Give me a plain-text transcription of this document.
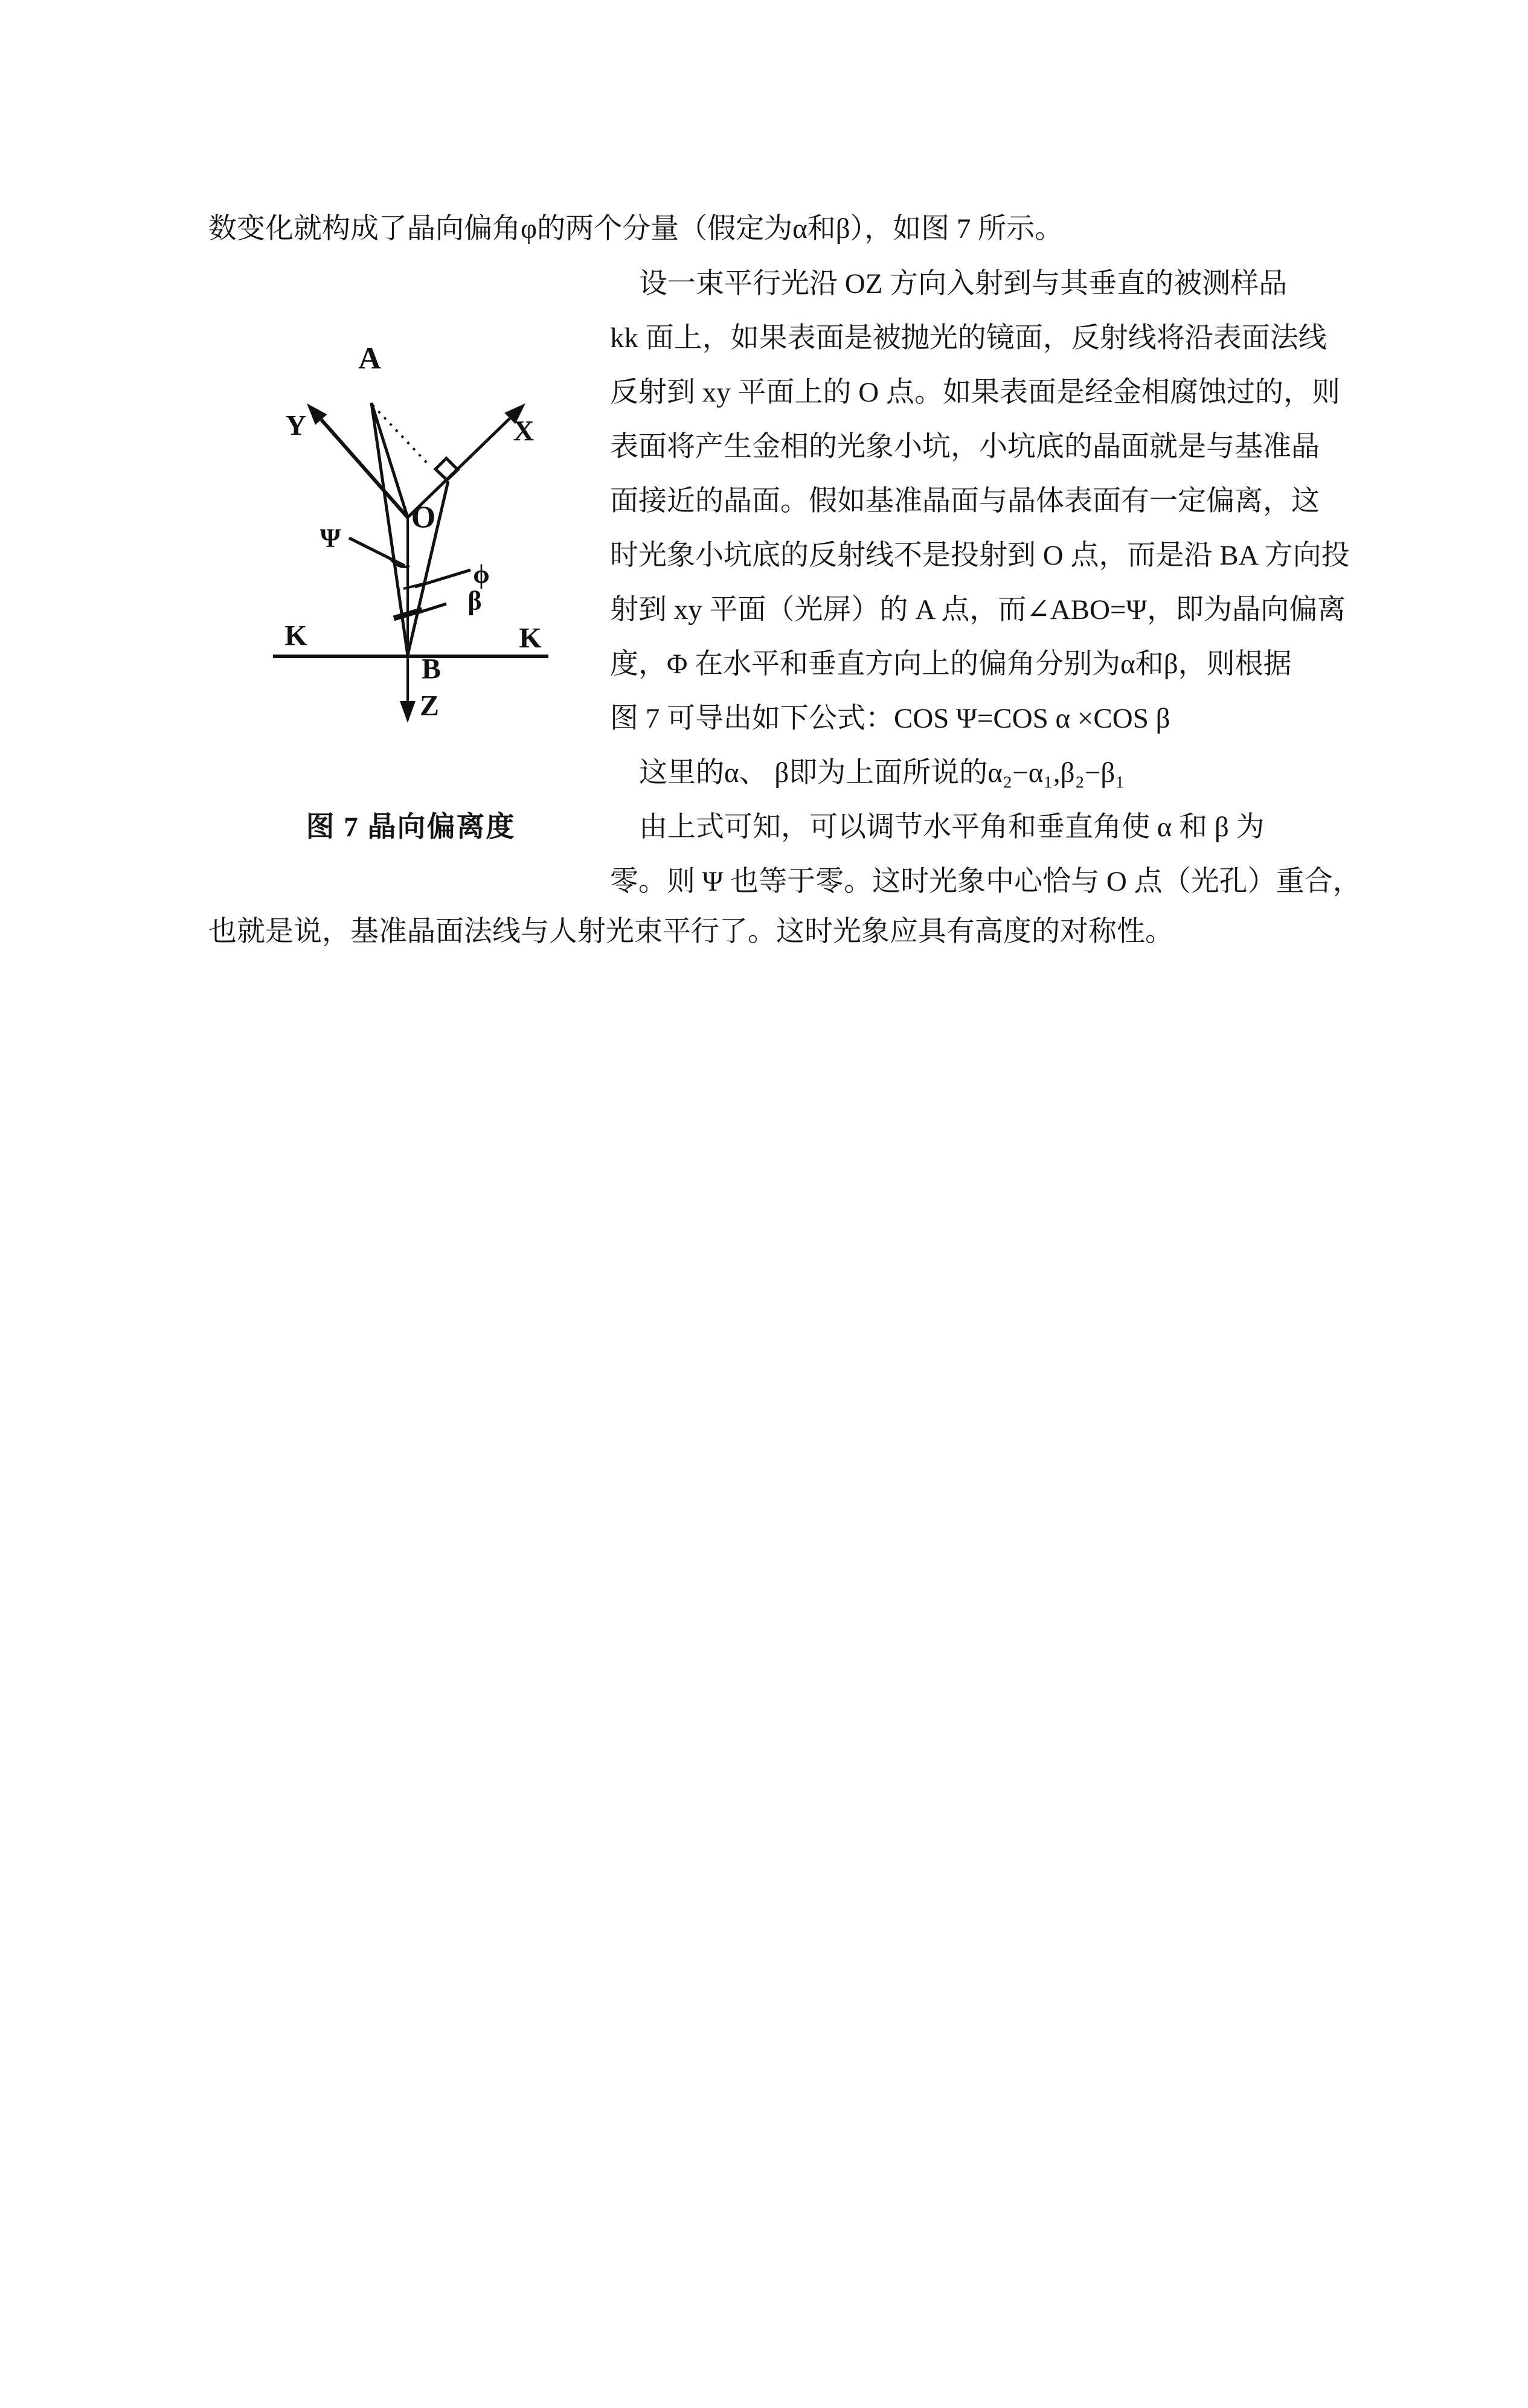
数变化就构成了晶向偏角φ的两个分量（假定为α和β），如图 7 所示。
A
Y	X
O
Ψ
ϕ
β
K	K
B
Z
图 7 晶向偏离度
设一束平行光沿 OZ 方向入射到与其垂直的被测样品
kk 面上，如果表面是被抛光的镜面，反射线将沿表面法线
反射到 xy 平面上的 O 点。如果表面是经金相腐蚀过的，则
表面将产生金相的光象小坑，小坑底的晶面就是与基准晶
面接近的晶面。假如基准晶面与晶体表面有一定偏离，这
时光象小坑底的反射线不是投射到 O 点，而是沿 BA 方向投
射到 xy 平面（光屏）的 A 点，而∠ABO=Ψ，即为晶向偏离
度，Φ 在水平和垂直方向上的偏角分别为α和β，则根据
图 7 可导出如下公式：COS Ψ=COS α ×COS β
这里的α、 β即为上面所说的α₂−α₁,β₂−β₁
由上式可知，可以调节水平角和垂直角使 α 和 β 为
零。则 Ψ 也等于零。这时光象中心恰与 O 点（光孔）重合，
也就是说，基准晶面法线与人射光束平行了。这时光象应具有高度的对称性。
